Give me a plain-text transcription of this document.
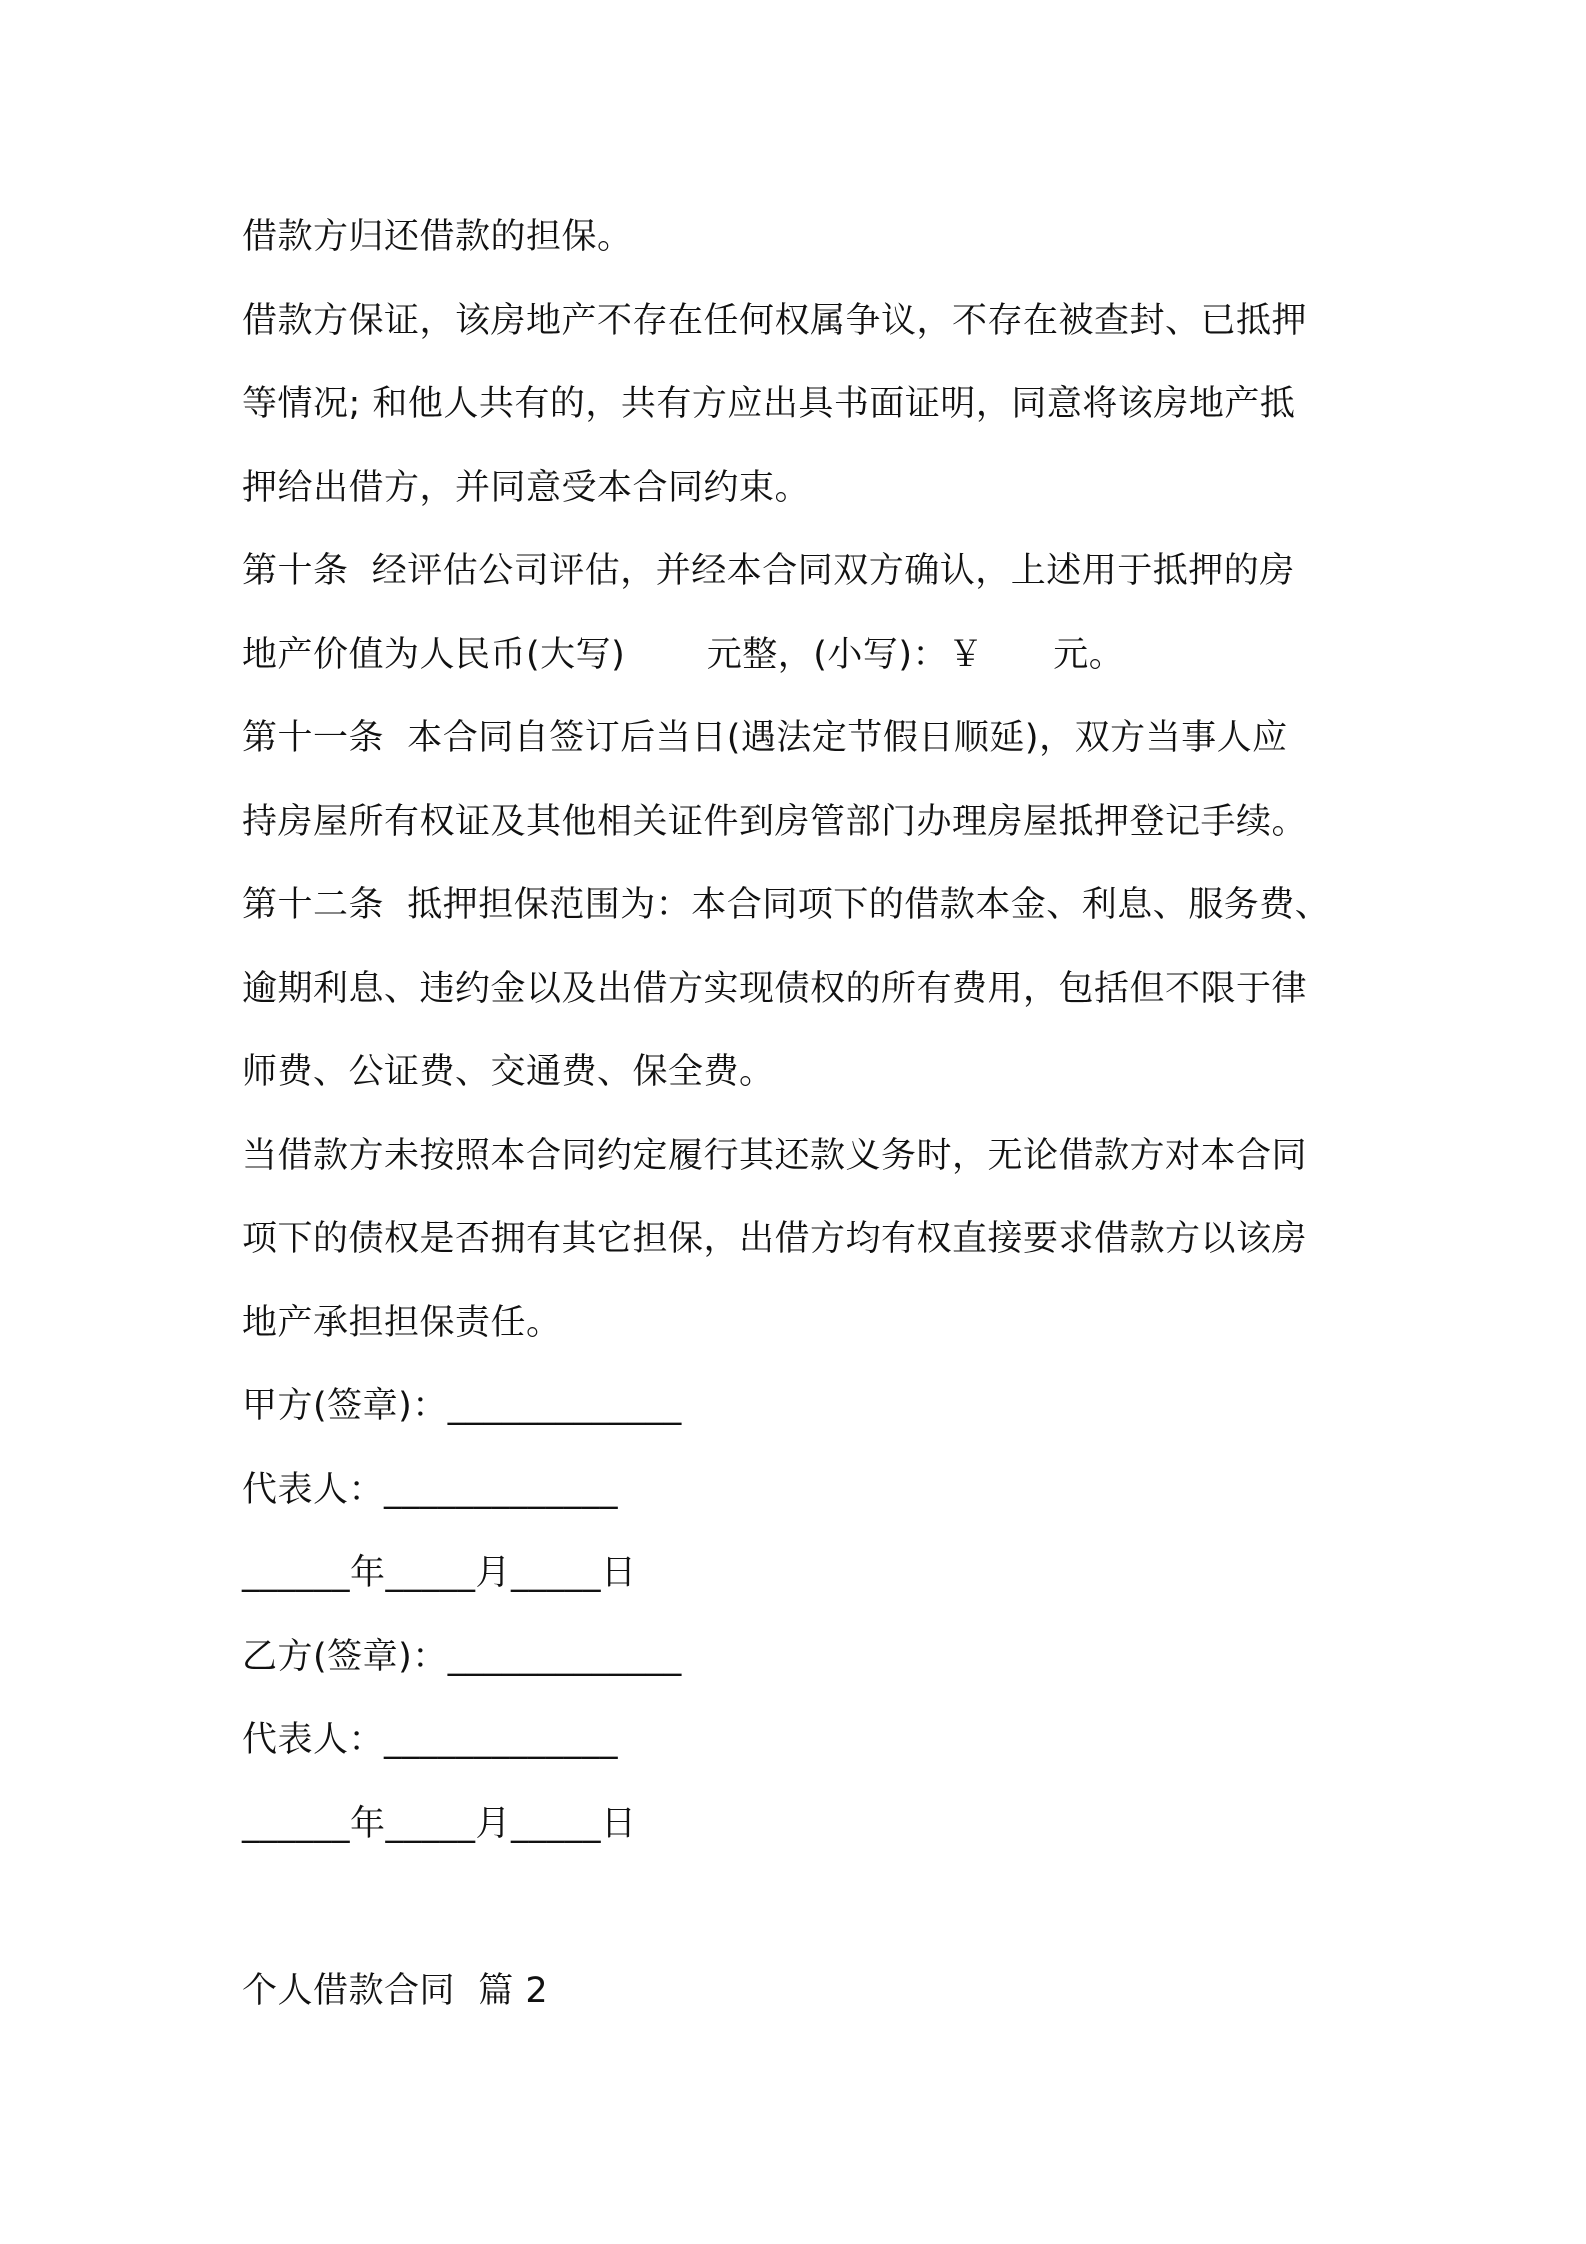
借款方归还借款的担保。
借款方保证，该房地产不存在任何权属争议，不存在被查封、已抵押
等情况; 和他人共有的，共有方应出具书面证明，同意将该房地产抵
押给出借方，并同意受本合同约束。
第十条  经评估公司评估，并经本合同双方确认，上述用于抵押的房
地产价值为人民币(大写)       元整，(小写)：￥      元。
第十一条  本合同自签订后当日(遇法定节假日顺延)，双方当事人应
持房屋所有权证及其他相关证件到房管部门办理房屋抵押登记手续。
第十二条  抵押担保范围为：本合同项下的借款本金、利息、服务费、
逾期利息、违约金以及出借方实现债权的所有费用，包括但不限于律
师费、公证费、交通费、保全费。
当借款方未按照本合同约定履行其还款义务时，无论借款方对本合同
项下的债权是否拥有其它担保，出借方均有权直接要求借款方以该房
地产承担担保责任。
甲方(签章)：_____________
代表人：_____________
______年_____月_____日
乙方(签章)：_____________
代表人：_____________
______年_____月_____日
个人借款合同  篇 2
